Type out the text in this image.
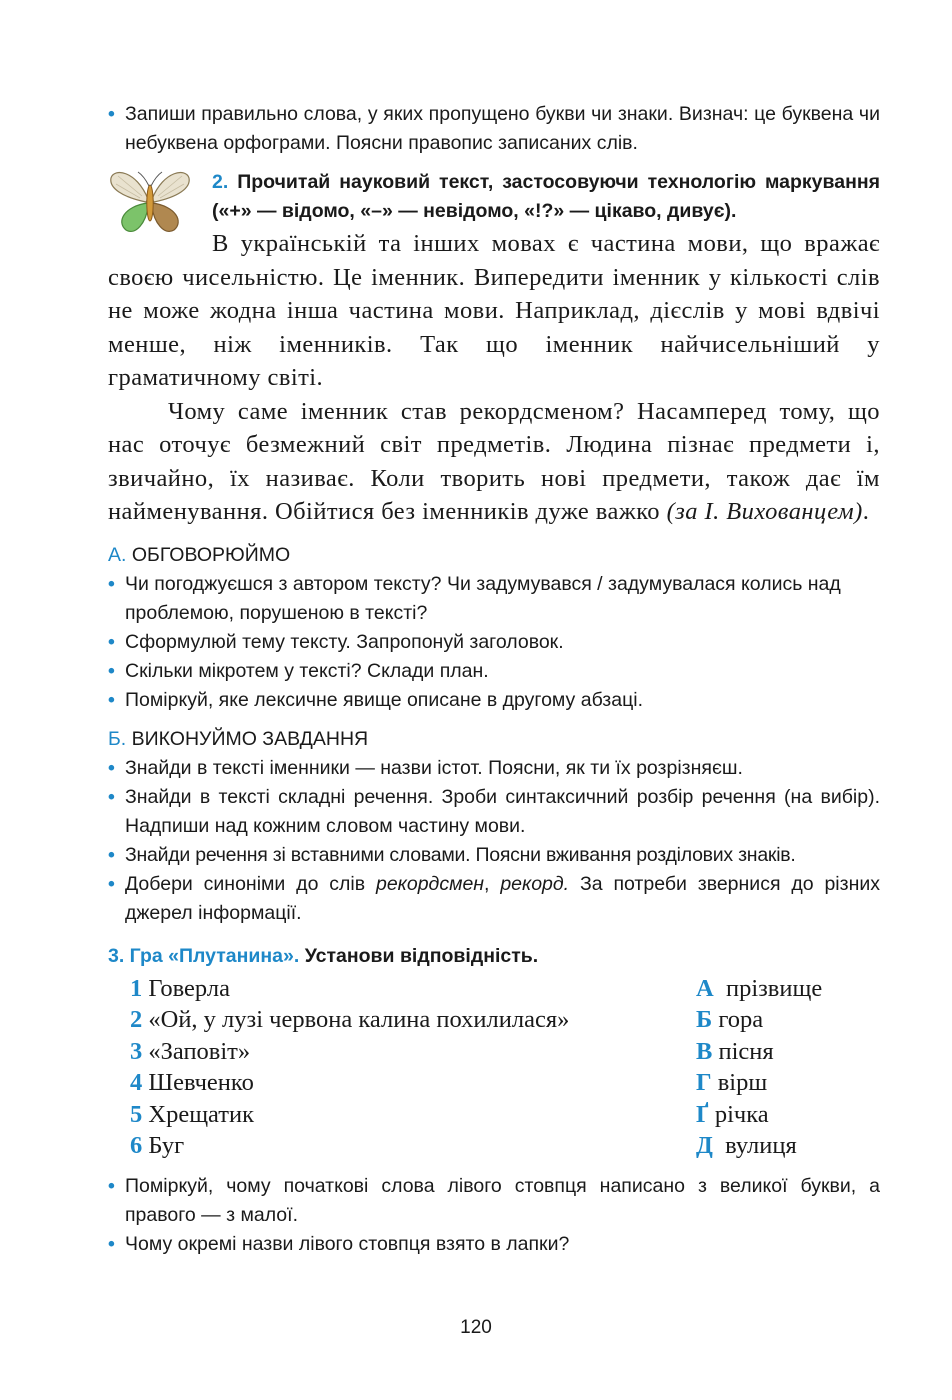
• Запиши правильно слова, у яких пропущено букви чи знаки. Визнач: це буквена чи небуквена орфограми. Поясни правопис записаних слів.
2. Прочитай науковий текст, застосовуючи технологію маркування («+» — відомо, «–» — невідомо, «!?» — цікаво, дивує).
В українській та інших мовах є частина мови, що вражає своєю чисельністю. Це іменник. Випередити іменник у кількості слів не може жодна інша частина мови. Наприклад, дієслів у мові вдвічі менше, ніж іменників. Так що іменник найчисельніший у граматичному світі.
Чому саме іменник став рекордсменом? Насамперед тому, що нас оточує безмежний світ предметів. Людина пізнає предмети і, звичайно, їх називає. Коли творить нові предмети, також дає їм найменування. Обійтися без іменників дуже важко (за І. Вихованцем).
А. ОБГОВОРЮЙМО
• Чи погоджуєшся з автором тексту? Чи задумувався / задумувалася колись над проблемою, порушеною в тексті?
• Сформулюй тему тексту. Запропонуй заголовок.
• Скільки мікротем у тексті? Склади план.
• Поміркуй, яке лексичне явище описане в другому абзаці.
Б. ВИКОНУЙМО ЗАВДАННЯ
• Знайди в тексті іменники — назви істот. Поясни, як ти їх розрізняєш.
• Знайди в тексті складні речення. Зроби синтаксичний розбір речення (на вибір). Надпиши над кожним словом частину мови.
• Знайди речення зі вставними словами. Поясни вживання розділових знаків.
• Добери синоніми до слів рекордсмен, рекорд. За потреби звернися до різних джерел інформації.
3. Гра «Плутанина». Установи відповідність.
1 Говерла
2 «Ой, у лузі червона калина похилилася»
3 «Заповіт»
4 Шевченко
5 Хрещатик
6 Буг
А прізвище
Б гора
В пісня
Г вірш
Ґ річка
Д вулиця
• Поміркуй, чому початкові слова лівого стовпця написано з великої букви, а правого — з малої.
• Чому окремі назви лівого стовпця взято в лапки?
120
